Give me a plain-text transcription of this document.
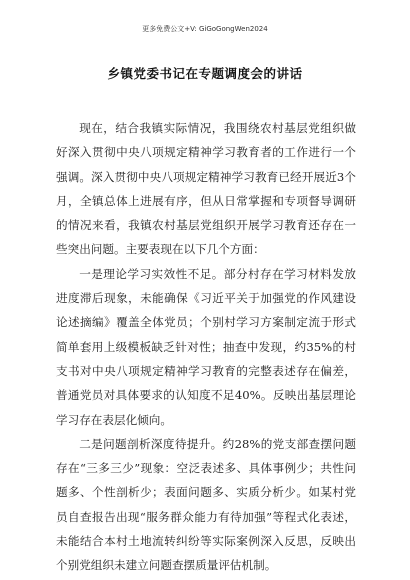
更多免费公文+V: GiGoGongWen2024
乡镇党委书记在专题调度会的讲话

现在，结合我镇实际情况，我围绕农村基层党组织做好深入贯彻中央八项规定精神学习教育者的工作进行一个强调。深入贯彻中央八项规定精神学习教育已经开展近3个月，全镇总体上进展有序，但从日常掌握和专项督导调研的情况来看，我镇农村基层党组织开展学习教育还存在一些突出问题。主要表现在以下几个方面：

一是理论学习实效性不足。部分村存在学习材料发放进度滞后现象，未能确保《习近平关于加强党的作风建设论述摘编》覆盖全体党员；个别村学习方案制定流于形式简单套用上级模板缺乏针对性；抽查中发现，约35%的村支书对中央八项规定精神学习教育的完整表述存在偏差，普通党员对具体要求的认知度不足40%。反映出基层理论学习存在表层化倾向。

二是问题剖析深度待提升。约28%的党支部查摆问题存在“三多三少”现象：空泛表述多、具体事例少；共性问题多、个性剖析少；表面问题多、实质分析少。如某村党员自查报告出现“服务群众能力有待加强”等程式化表述，未能结合本村土地流转纠纷等实际案例深入反思，反映出个别党组织未建立问题查摆质量评估机制。
